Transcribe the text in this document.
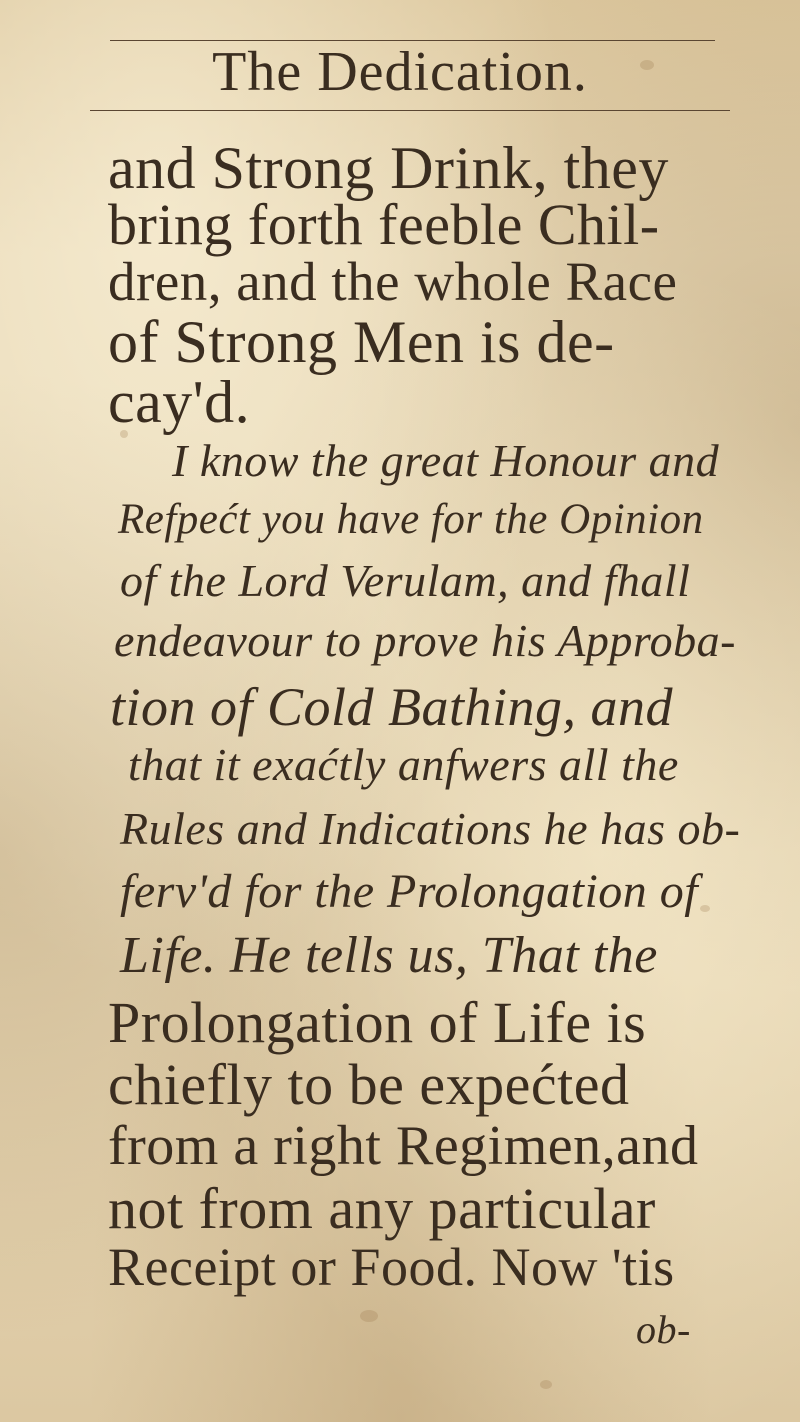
The Dedication.
and Strong Drink, they
bring forth feeble Chil-
dren, and the whole Race
of Strong Men is de-
cay'd.
I know the great Honour and
Refpećt you have for the Opinion
of the Lord Verulam, and fhall
endeavour to prove his Approba-
tion of Cold Bathing, and
that it exaćtly anfwers all the
Rules and Indications he has ob-
ferv'd for the Prolongation of
Life. He tells us, That the
Prolongation of Life is
chiefly to be expećted
from a right Regimen,and
not from any particular
Receipt or Food. Now 'tis
ob-
